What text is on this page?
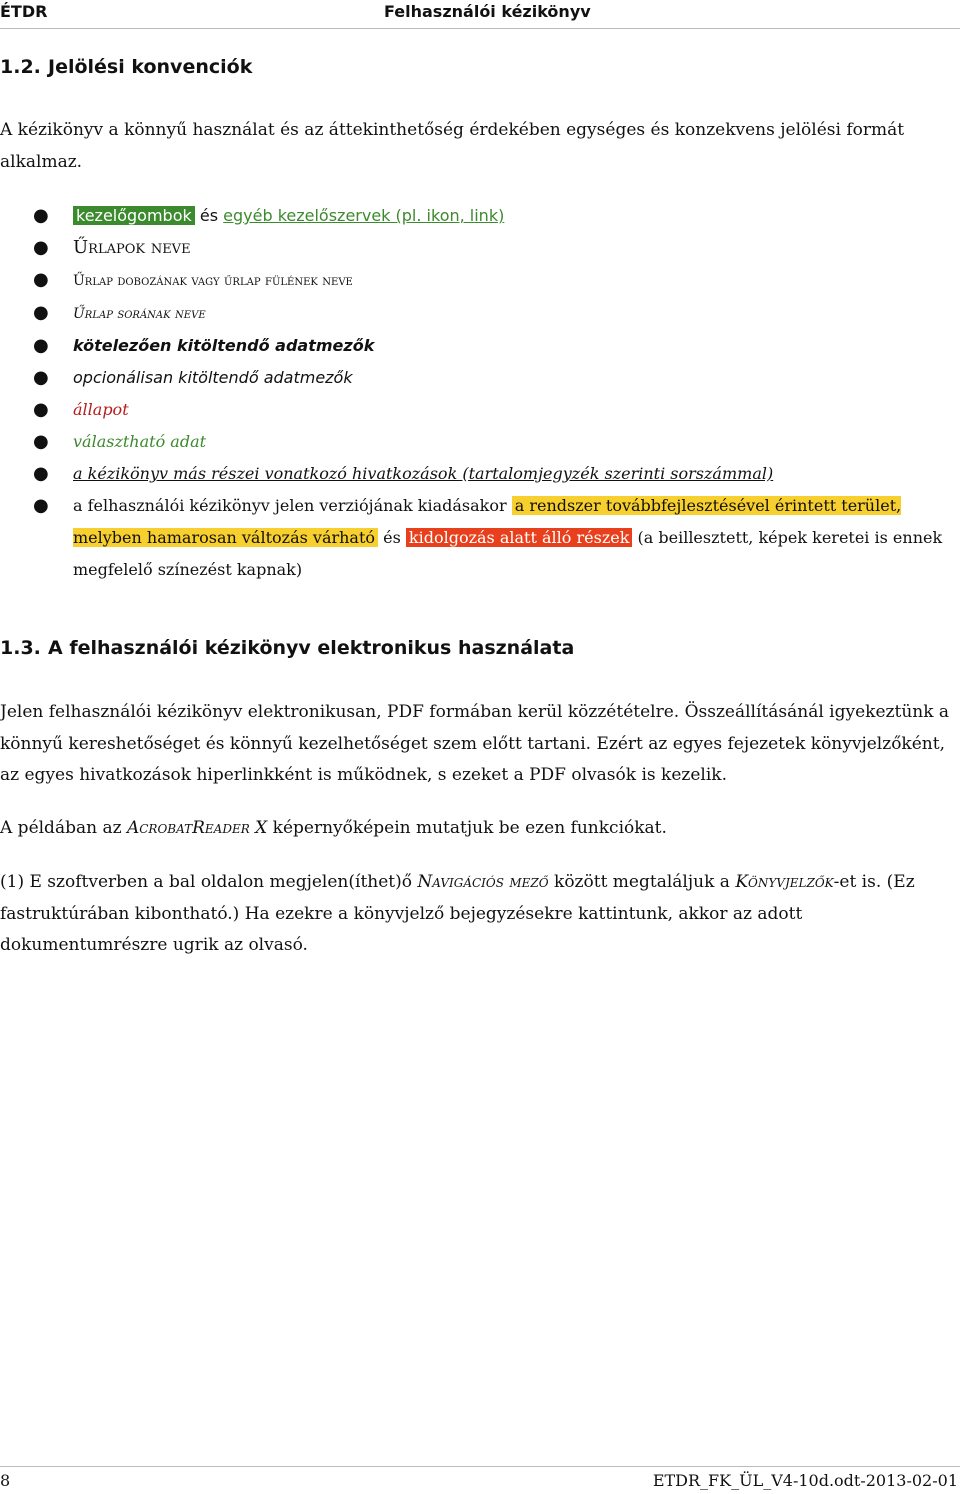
ÉTDR	Felhasználói kézikönyv
1.2. Jelölési konvenciók
A kézikönyv a könnyű használat és az áttekinthetőség érdekében egységes és konzekvens jelölési formát alkalmaz.
● kezelőgombok és egyéb kezelőszervek (pl. ikon, link)
● Űrlapok neve
● Űrlap dobozának vagy űrlap fülének neve
● Űrlap sorának neve
● kötelezően kitöltendő adatmezők
● opcionálisan kitöltendő adatmezők
● állapot
● választható adat
● a kézikönyv más részei vonatkozó hivatkozások (tartalomjegyzék szerinti sorszámmal)
● a felhasználói kézikönyv jelen verziójának kiadásakor a rendszer továbbfejlesztésével érintett terület, melyben hamarosan változás várható és kidolgozás alatt álló részek (a beillesztett, képek keretei is ennek megfelelő színezést kapnak)
1.3. A felhasználói kézikönyv elektronikus használata
Jelen felhasználói kézikönyv elektronikusan, PDF formában kerül közzétételre. Összeállításánál igyekeztünk a könnyű kereshetőséget és könnyű kezelhetőséget szem előtt tartani. Ezért az egyes fejezetek könyvjelzőként, az egyes hivatkozások hiperlinkként is működnek, s ezeket a PDF olvasók is kezelik.
A példában az AcrobatReader X képernyőképein mutatjuk be ezen funkciókat.
(1) E szoftverben a bal oldalon megjelen(íthet)ő Navigációs mező között megtaláljuk a Könyvjelzők-et is. (Ez fastruktúrában kibontható.) Ha ezekre a könyvjelző bejegyzésekre kattintunk, akkor az adott dokumentumrészre ugrik az olvasó.
8	ETDR_FK_ÜL_V4-10d.odt-2013-02-01
